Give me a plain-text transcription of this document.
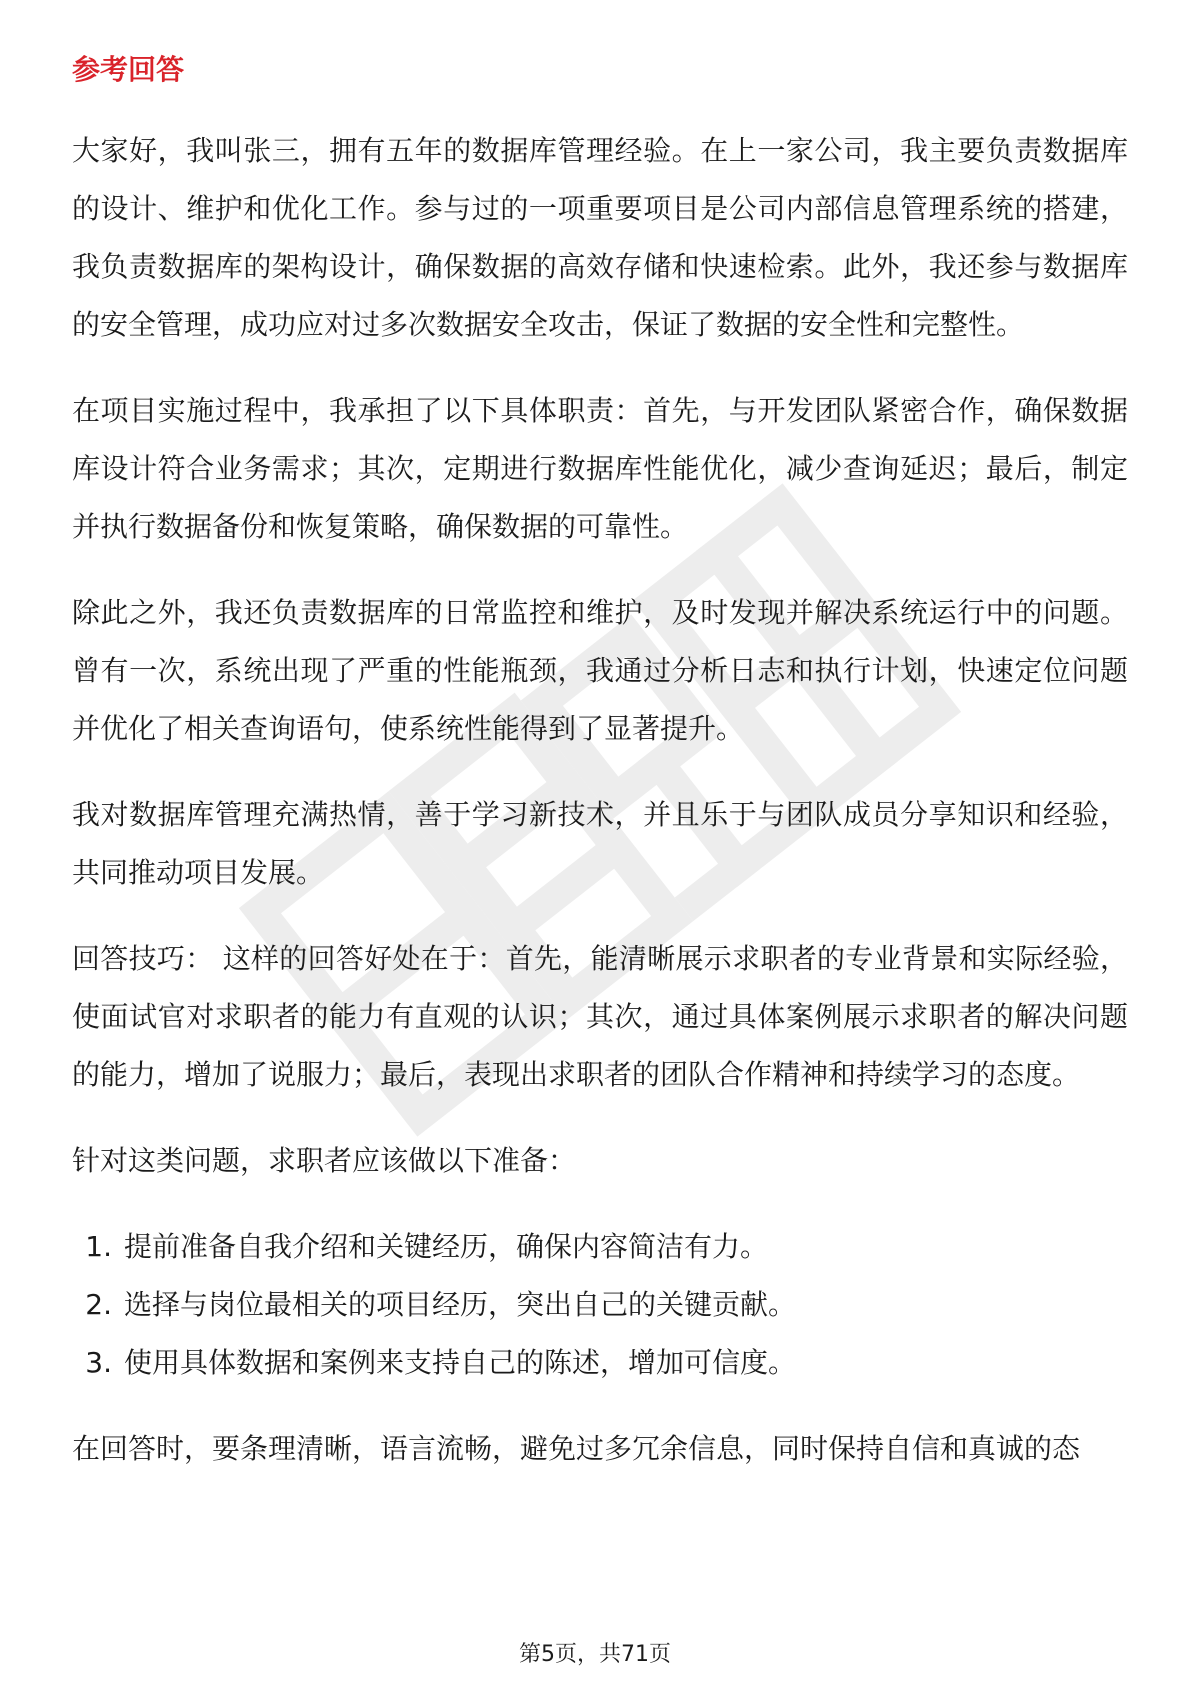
参考回答

大家好，我叫张三，拥有五年的数据库管理经验。在上一家公司，我主要负责数据库的设计、维护和优化工作。参与过的一项重要项目是公司内部信息管理系统的搭建，我负责数据库的架构设计，确保数据的高效存储和快速检索。此外，我还参与数据库的安全管理，成功应对过多次数据安全攻击，保证了数据的安全性和完整性。

在项目实施过程中，我承担了以下具体职责：首先，与开发团队紧密合作，确保数据库设计符合业务需求；其次，定期进行数据库性能优化，减少查询延迟；最后，制定并执行数据备份和恢复策略，确保数据的可靠性。

除此之外，我还负责数据库的日常监控和维护，及时发现并解决系统运行中的问题。曾有一次，系统出现了严重的性能瓶颈，我通过分析日志和执行计划，快速定位问题并优化了相关查询语句，使系统性能得到了显著提升。

我对数据库管理充满热情，善于学习新技术，并且乐于与团队成员分享知识和经验，共同推动项目发展。

回答技巧： 这样的回答好处在于：首先，能清晰展示求职者的专业背景和实际经验，使面试官对求职者的能力有直观的认识；其次，通过具体案例展示求职者的解决问题的能力，增加了说服力；最后，表现出求职者的团队合作精神和持续学习的态度。

针对这类问题，求职者应该做以下准备：

1. 提前准备自我介绍和关键经历，确保内容简洁有力。
2. 选择与岗位最相关的项目经历，突出自己的关键贡献。
3. 使用具体数据和案例来支持自己的陈述，增加可信度。

在回答时，要条理清晰，语言流畅，避免过多冗余信息，同时保持自信和真诚的态

第5页，共71页
